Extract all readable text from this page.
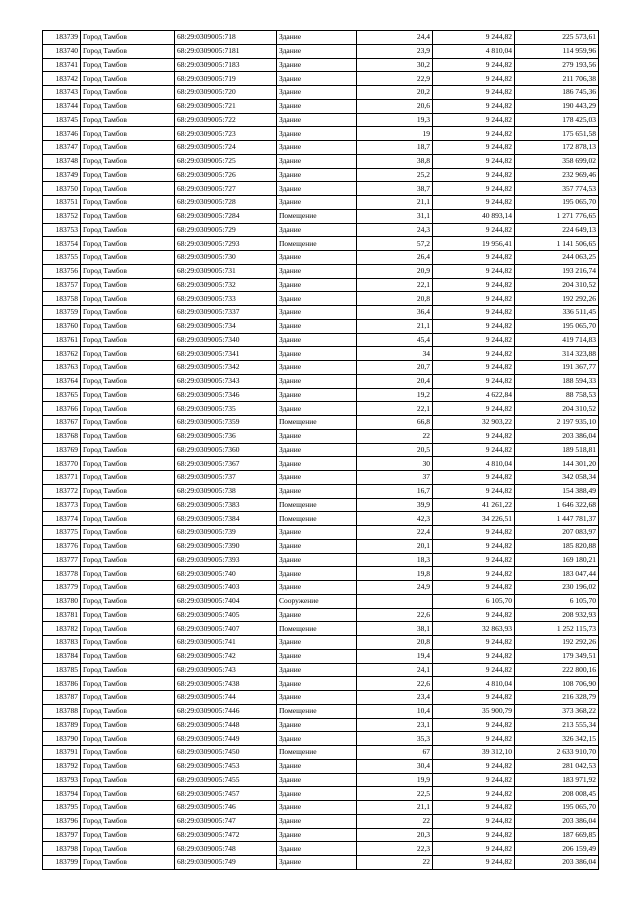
183739	Город Тамбов	68:29:0309005:718	Здание	24,4	9 244,82	225 573,61
183740	Город Тамбов	68:29:0309005:7181	Здание	23,9	4 810,04	114 959,96
183741	Город Тамбов	68:29:0309005:7183	Здание	30,2	9 244,82	279 193,56
183742	Город Тамбов	68:29:0309005:719	Здание	22,9	9 244,82	211 706,38
183743	Город Тамбов	68:29:0309005:720	Здание	20,2	9 244,82	186 745,36
183744	Город Тамбов	68:29:0309005:721	Здание	20,6	9 244,82	190 443,29
183745	Город Тамбов	68:29:0309005:722	Здание	19,3	9 244,82	178 425,03
183746	Город Тамбов	68:29:0309005:723	Здание	19	9 244,82	175 651,58
183747	Город Тамбов	68:29:0309005:724	Здание	18,7	9 244,82	172 878,13
183748	Город Тамбов	68:29:0309005:725	Здание	38,8	9 244,82	358 699,02
183749	Город Тамбов	68:29:0309005:726	Здание	25,2	9 244,82	232 969,46
183750	Город Тамбов	68:29:0309005:727	Здание	38,7	9 244,82	357 774,53
183751	Город Тамбов	68:29:0309005:728	Здание	21,1	9 244,82	195 065,70
183752	Город Тамбов	68:29:0309005:7284	Помещение	31,1	40 893,14	1 271 776,65
183753	Город Тамбов	68:29:0309005:729	Здание	24,3	9 244,82	224 649,13
183754	Город Тамбов	68:29:0309005:7293	Помещение	57,2	19 956,41	1 141 506,65
183755	Город Тамбов	68:29:0309005:730	Здание	26,4	9 244,82	244 063,25
183756	Город Тамбов	68:29:0309005:731	Здание	20,9	9 244,82	193 216,74
183757	Город Тамбов	68:29:0309005:732	Здание	22,1	9 244,82	204 310,52
183758	Город Тамбов	68:29:0309005:733	Здание	20,8	9 244,82	192 292,26
183759	Город Тамбов	68:29:0309005:7337	Здание	36,4	9 244,82	336 511,45
183760	Город Тамбов	68:29:0309005:734	Здание	21,1	9 244,82	195 065,70
183761	Город Тамбов	68:29:0309005:7340	Здание	45,4	9 244,82	419 714,83
183762	Город Тамбов	68:29:0309005:7341	Здание	34	9 244,82	314 323,88
183763	Город Тамбов	68:29:0309005:7342	Здание	20,7	9 244,82	191 367,77
183764	Город Тамбов	68:29:0309005:7343	Здание	20,4	9 244,82	188 594,33
183765	Город Тамбов	68:29:0309005:7346	Здание	19,2	4 622,84	88 758,53
183766	Город Тамбов	68:29:0309005:735	Здание	22,1	9 244,82	204 310,52
183767	Город Тамбов	68:29:0309005:7359	Помещение	66,8	32 903,22	2 197 935,10
183768	Город Тамбов	68:29:0309005:736	Здание	22	9 244,82	203 386,04
183769	Город Тамбов	68:29:0309005:7360	Здание	20,5	9 244,82	189 518,81
183770	Город Тамбов	68:29:0309005:7367	Здание	30	4 810,04	144 301,20
183771	Город Тамбов	68:29:0309005:737	Здание	37	9 244,82	342 058,34
183772	Город Тамбов	68:29:0309005:738	Здание	16,7	9 244,82	154 388,49
183773	Город Тамбов	68:29:0309005:7383	Помещение	39,9	41 261,22	1 646 322,68
183774	Город Тамбов	68:29:0309005:7384	Помещение	42,3	34 226,51	1 447 781,37
183775	Город Тамбов	68:29:0309005:739	Здание	22,4	9 244,82	207 083,97
183776	Город Тамбов	68:29:0309005:7390	Здание	20,1	9 244,82	185 820,88
183777	Город Тамбов	68:29:0309005:7393	Здание	18,3	9 244,82	169 180,21
183778	Город Тамбов	68:29:0309005:740	Здание	19,8	9 244,82	183 047,44
183779	Город Тамбов	68:29:0309005:7403	Здание	24,9	9 244,82	230 196,02
183780	Город Тамбов	68:29:0309005:7404	Сооружение		6 105,70	6 105,70
183781	Город Тамбов	68:29:0309005:7405	Здание	22,6	9 244,82	208 932,93
183782	Город Тамбов	68:29:0309005:7407	Помещение	38,1	32 863,93	1 252 115,73
183783	Город Тамбов	68:29:0309005:741	Здание	20,8	9 244,82	192 292,26
183784	Город Тамбов	68:29:0309005:742	Здание	19,4	9 244,82	179 349,51
183785	Город Тамбов	68:29:0309005:743	Здание	24,1	9 244,82	222 800,16
183786	Город Тамбов	68:29:0309005:7438	Здание	22,6	4 810,04	108 706,90
183787	Город Тамбов	68:29:0309005:744	Здание	23,4	9 244,82	216 328,79
183788	Город Тамбов	68:29:0309005:7446	Помещение	10,4	35 900,79	373 368,22
183789	Город Тамбов	68:29:0309005:7448	Здание	23,1	9 244,82	213 555,34
183790	Город Тамбов	68:29:0309005:7449	Здание	35,3	9 244,82	326 342,15
183791	Город Тамбов	68:29:0309005:7450	Помещение	67	39 312,10	2 633 910,70
183792	Город Тамбов	68:29:0309005:7453	Здание	30,4	9 244,82	281 042,53
183793	Город Тамбов	68:29:0309005:7455	Здание	19,9	9 244,82	183 971,92
183794	Город Тамбов	68:29:0309005:7457	Здание	22,5	9 244,82	208 008,45
183795	Город Тамбов	68:29:0309005:746	Здание	21,1	9 244,82	195 065,70
183796	Город Тамбов	68:29:0309005:747	Здание	22	9 244,82	203 386,04
183797	Город Тамбов	68:29:0309005:7472	Здание	20,3	9 244,82	187 669,85
183798	Город Тамбов	68:29:0309005:748	Здание	22,3	9 244,82	206 159,49
183799	Город Тамбов	68:29:0309005:749	Здание	22	9 244,82	203 386,04
